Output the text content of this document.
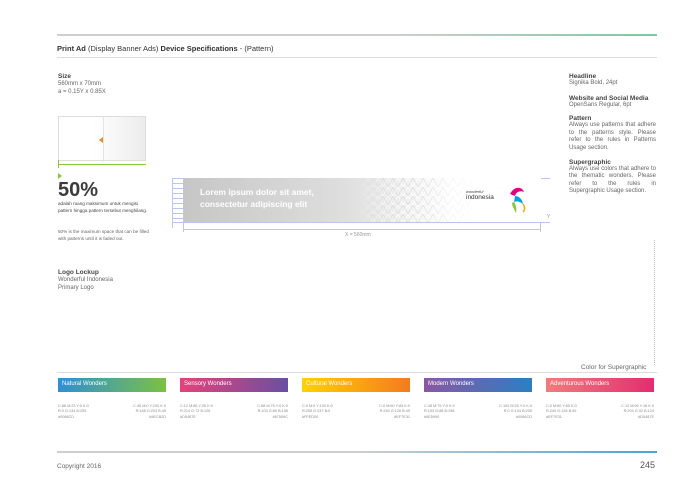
Print Ad (Display Banner Ads) Device Specifications - (Pattern)
Size
560mm x 70mm
a = 0.15Y x 0.85X
50%
adalah ruang maksimum untuk mengisi pattern hingga pattern tersebut menghilang.
50% is the maximum space that can be filled with patterns until it is faded out.
Logo Lockup
Wonderful Indonesia
Primary Logo
Lorem ipsum dolor sit amet,
consectetur adipiscing elit
wonderful
indonesia
X = 560mm
Y
Headline
Signika Bold, 24pt
Website and Social Media
OpenSans Regular, 6pt
Pattern
Always use patterns that adhere to the patterns style. Please refer to the rules in Patterns Usage section.
Supergraphic
Always use colors that adhere to the thematic wonders. Please refer to the rules in Supergraphic Usage section.
Color for Supergraphic
Natural Wonders
C:88 M:23 Y:0 K:0
R:0 G:134 B:205
#0086CD
C:45 M:0 Y:100 K:0
R:158 G:203 B:45
#9ECB2D
Sensory Wonders
C:12 M:86 Y:26 K:0
R:214 G:72 B:126
#D5487E
C:68 M:75 Y:0 K:0
R:103 G:80 B:156
#67509C
Cultural Wonders
C:0 M:0 Y:100 K:0
R:255 G:237 B:0
#FFED00
C:0 M:60 Y:85 K:0
R:240 G:126 B:49
#EF7E31
Modern Wonders
C:48 M:75 Y:0 K:0
R:153 G:88 B:158
#9E5990
C:100 M:25 Y:0 K:0
R:0 G:134 B:205
#0086CD
Adventurous Wonders
C:0 M:60 Y:65 K:0
R:240 G:128 B:49
#EF7E31
C:12 M:96 Y:16 K:0
R:204 G:32 B:124
#D5487E
Copyright 2016	245
